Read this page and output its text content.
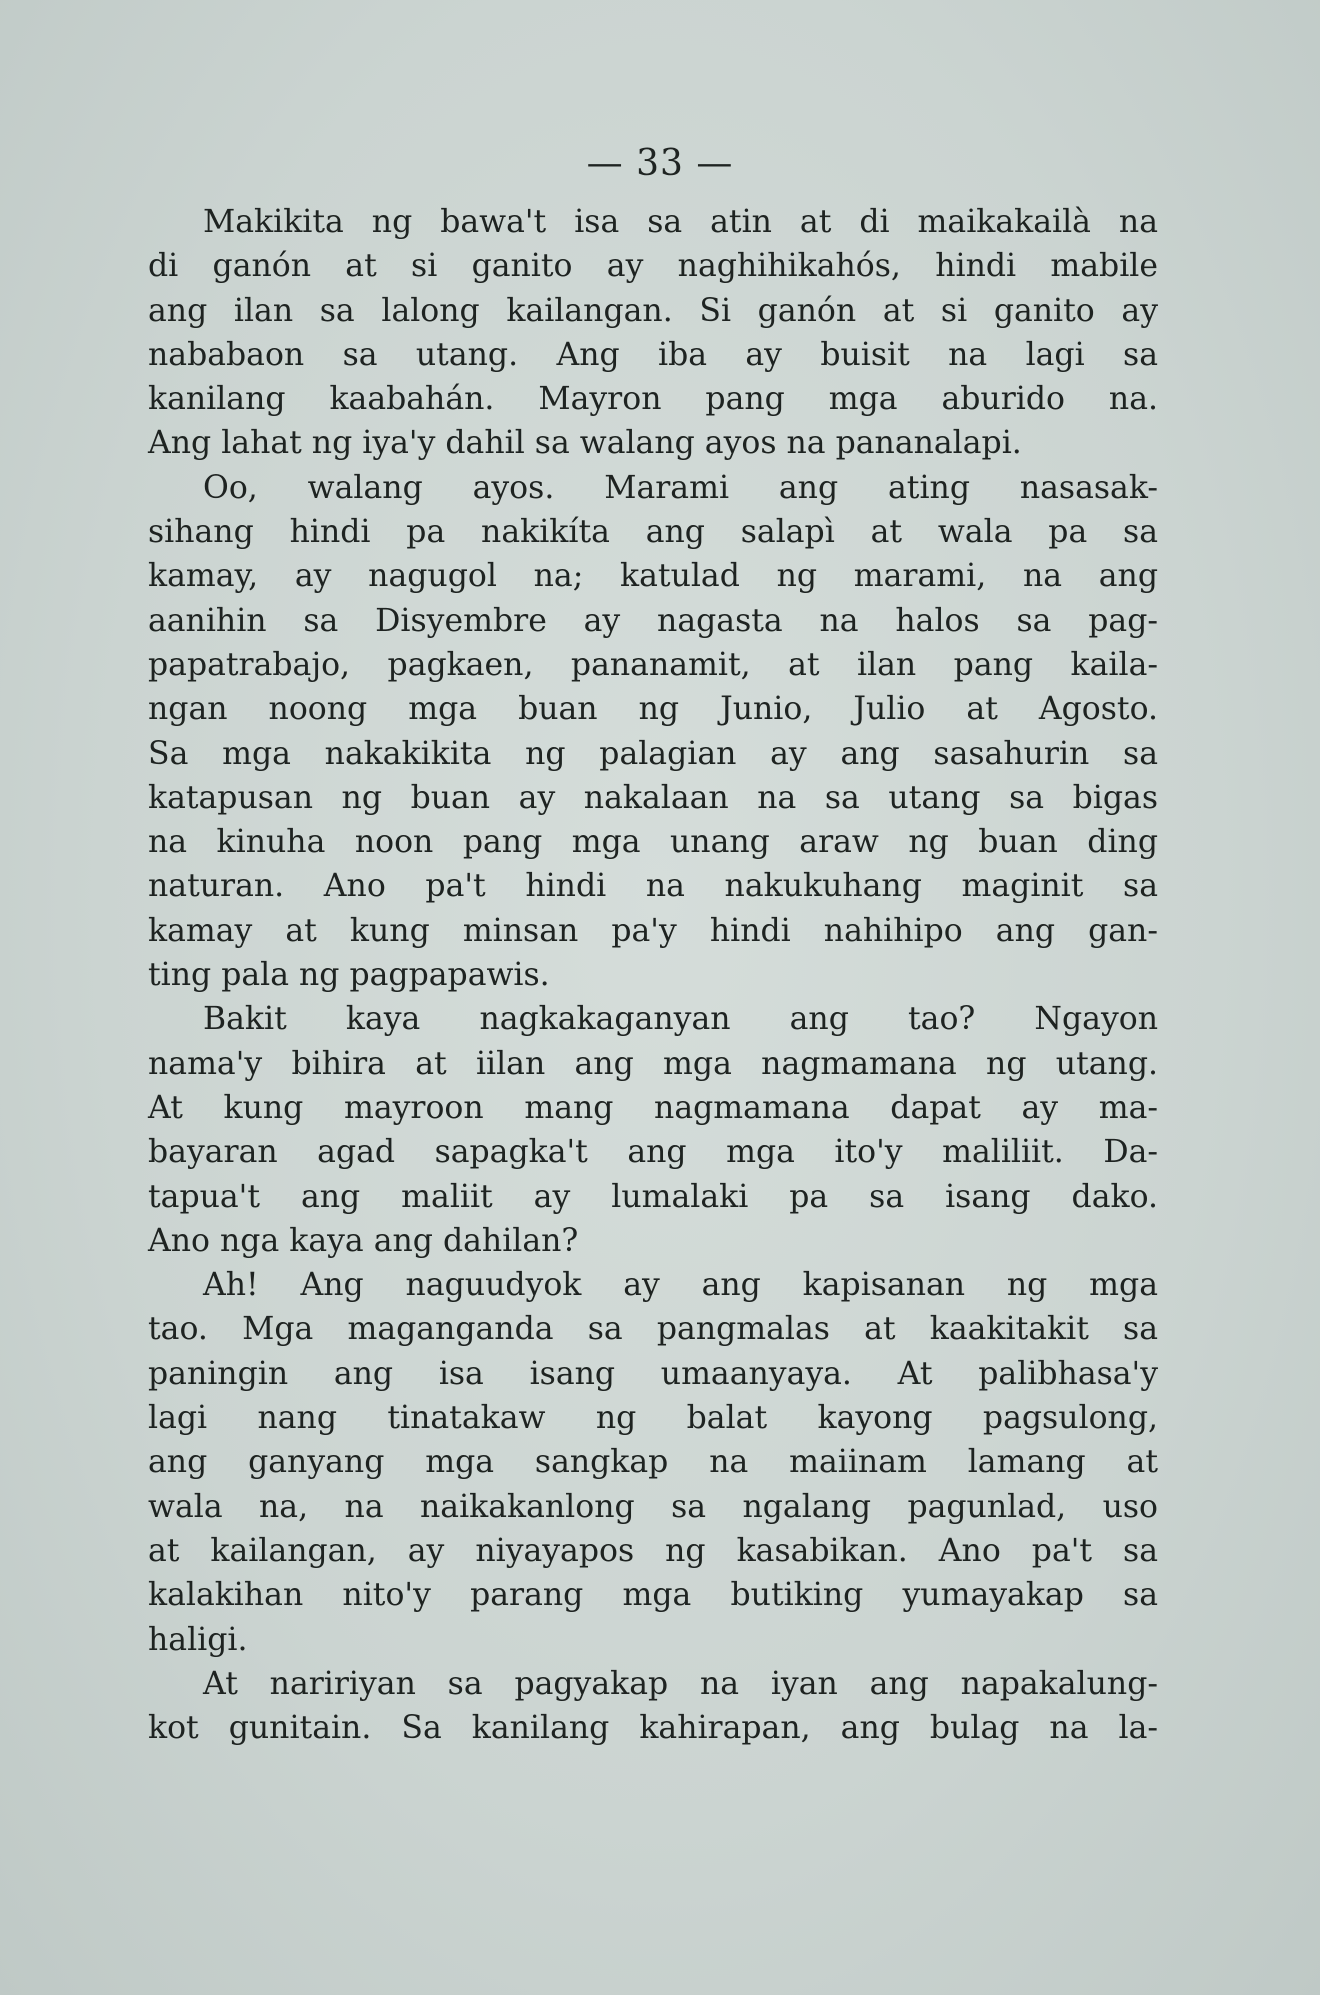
— 33 —
Makikita ng bawa't isa sa atin at di maikakailà na
di ganón at si ganito ay naghihikahós, hindi mabile
ang ilan sa lalong kailangan. Si ganón at si ganito ay
nababaon sa utang. Ang iba ay buisit na lagi sa
kanilang kaabahán. Mayron pang mga aburido na.
Ang lahat ng iya'y dahil sa walang ayos na pananalapi.
Oo, walang ayos. Marami ang ating nasasak-
sihang hindi pa nakikíta ang salapì at wala pa sa
kamay, ay nagugol na; katulad ng marami, na ang
aanihin sa Disyembre ay nagasta na halos sa pag-
papatrabajo, pagkaen, pananamit, at ilan pang kaila-
ngan noong mga buan ng Junio, Julio at Agosto.
Sa mga nakakikita ng palagian ay ang sasahurin sa
katapusan ng buan ay nakalaan na sa utang sa bigas
na kinuha noon pang mga unang araw ng buan ding
naturan. Ano pa't hindi na nakukuhang maginit sa
kamay at kung minsan pa'y hindi nahihipo ang gan-
ting pala ng pagpapawis.
Bakit kaya nagkakaganyan ang tao? Ngayon
nama'y bihira at iilan ang mga nagmamana ng utang.
At kung mayroon mang nagmamana dapat ay ma-
bayaran agad sapagka't ang mga ito'y maliliit. Da-
tapua't ang maliit ay lumalaki pa sa isang dako.
Ano nga kaya ang dahilan?
Ah! Ang naguudyok ay ang kapisanan ng mga
tao. Mga maganganda sa pangmalas at kaakitakit sa
paningin ang isa isang umaanyaya. At palibhasa'y
lagi nang tinatakaw ng balat kayong pagsulong,
ang ganyang mga sangkap na maiinam lamang at
wala na, na naikakanlong sa ngalang pagunlad, uso
at kailangan, ay niyayapos ng kasabikan. Ano pa't sa
kalakihan nito'y parang mga butiking yumayakap sa
haligi.
At naririyan sa pagyakap na iyan ang napakalung-
kot gunitain. Sa kanilang kahirapan, ang bulag na la-
